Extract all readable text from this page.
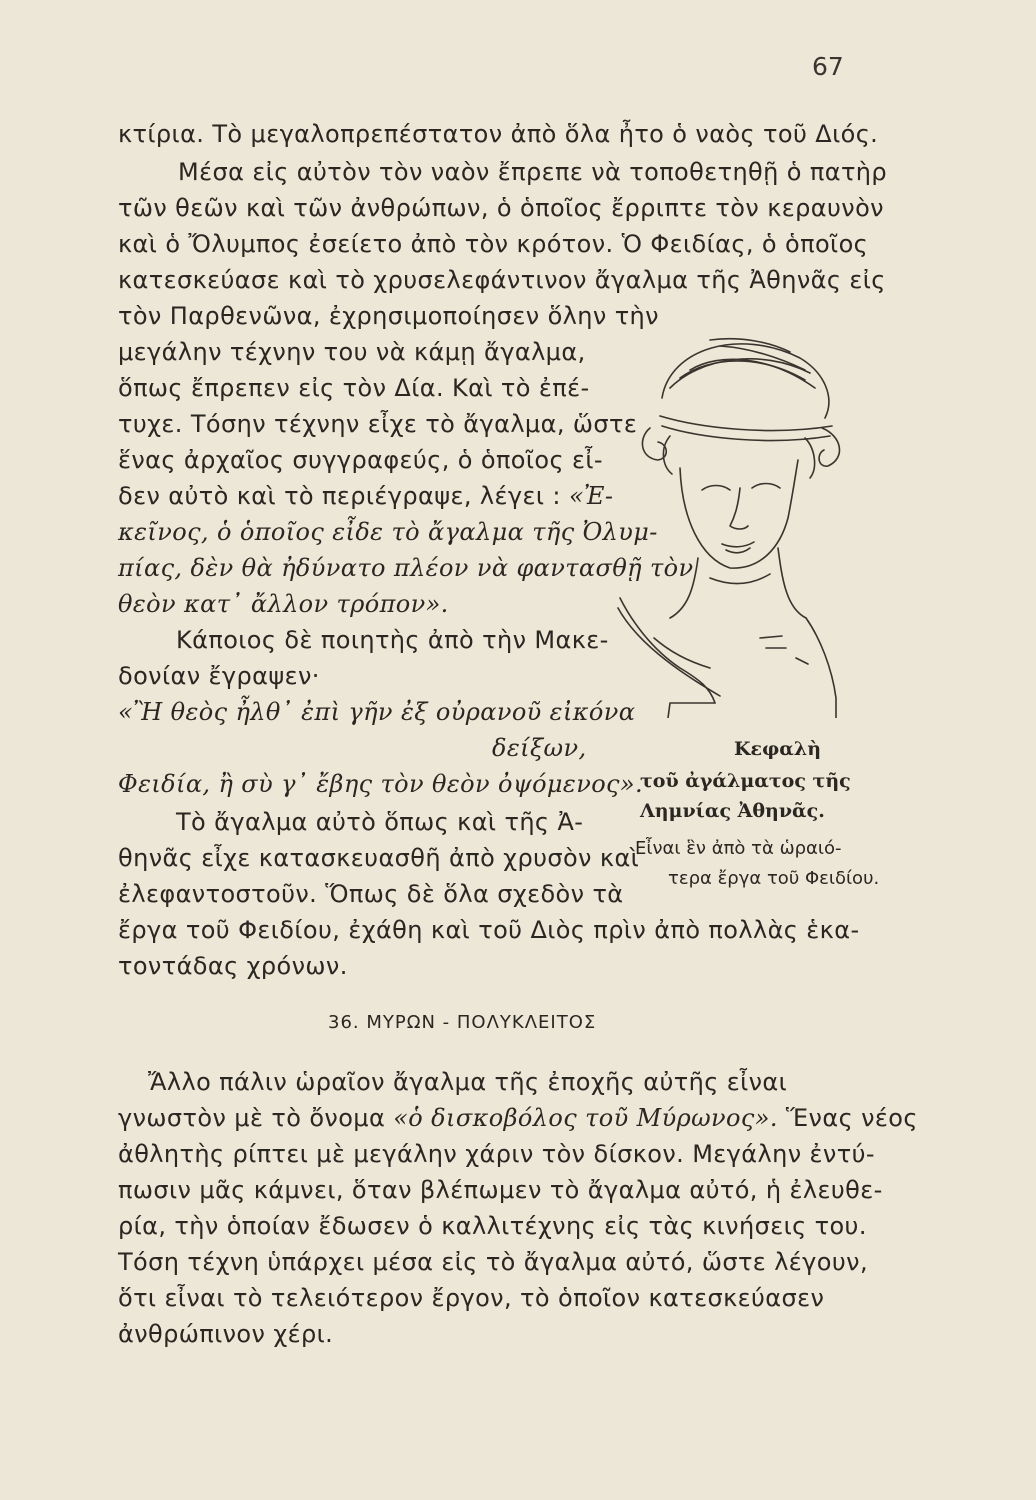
67
κτίρια. Τὸ μεγαλοπρεπέστατον ἀπὸ ὅλα ἦτο ὁ ναὸς τοῦ Διός.
Μέσα εἰς αὐτὸν τὸν ναὸν ἔπρεπε νὰ τοποθετηθῇ ὁ πατὴρ
τῶν θεῶν καὶ τῶν ἀνθρώπων, ὁ ὁποῖος ἔρριπτε τὸν κεραυνὸν
καὶ ὁ Ὄλυμπος ἐσείετο ἀπὸ τὸν κρότον. Ὁ Φειδίας, ὁ ὁποῖος
κατεσκεύασε καὶ τὸ χρυσελεφάντινον ἄγαλμα τῆς Ἀθηνᾶς εἰς
τὸν Παρθενῶνα, ἐχρησιμοποίησεν ὅλην τὴν
μεγάλην τέχνην του νὰ κάμῃ ἄγαλμα,
ὅπως ἔπρεπεν εἰς τὸν Δία. Καὶ τὸ ἐπέ-
τυχε. Τόσην τέχνην εἶχε τὸ ἄγαλμα, ὥστε
ἕνας ἀρχαῖος συγγραφεύς, ὁ ὁποῖος εἶ-
δεν αὐτὸ καὶ τὸ περιέγραψε, λέγει : «Ἐ-
κεῖνος, ὁ ὁποῖος εἶδε τὸ ἄγαλμα τῆς Ὀλυμ-
πίας, δὲν θὰ ἠδύνατο πλέον νὰ φαντασθῇ τὸν
θεὸν κατ᾿ ἄλλον τρόπον».
Κάποιος δὲ ποιητὴς ἀπὸ τὴν Μακε-
δονίαν ἔγραψεν·
«Ἢ θεὸς ἦλθ᾿ ἐπὶ γῆν ἐξ οὐρανοῦ εἰκόνα
δείξων,
Φειδία, ἢ σὺ γ᾿ ἔβης τὸν θεὸν ὀψόμενος».
Τὸ ἄγαλμα αὐτὸ ὅπως καὶ τῆς Ἀ-
θηνᾶς εἶχε κατασκευασθῆ ἀπὸ χρυσὸν καὶ
ἐλεφαντοστοῦν. Ὅπως δὲ ὅλα σχεδὸν τὰ
ἔργα τοῦ Φειδίου, ἐχάθη καὶ τοῦ Διὸς πρὶν ἀπὸ πολλὰς ἑκα-
τοντάδας χρόνων.
Κεφαλὴ
τοῦ ἀγάλματος τῆς
Λημνίας Ἀθηνᾶς.
Εἶναι ἓν ἀπὸ τὰ ὡραιό-
τερα ἔργα τοῦ Φειδίου.
36. ΜΥΡΩΝ - ΠΟΛΥΚΛΕΙΤΟΣ
Ἄλλο πάλιν ὡραῖον ἄγαλμα τῆς ἐποχῆς αὐτῆς εἶναι
γνωστὸν μὲ τὸ ὄνομα «ὁ δισκοβόλος τοῦ Μύρωνος». Ἕνας νέος
ἀθλητὴς ρίπτει μὲ μεγάλην χάριν τὸν δίσκον. Μεγάλην ἐντύ-
πωσιν μᾶς κάμνει, ὅταν βλέπωμεν τὸ ἄγαλμα αὐτό, ἡ ἐλευθε-
ρία, τὴν ὁποίαν ἔδωσεν ὁ καλλιτέχνης εἰς τὰς κινήσεις του.
Τόση τέχνη ὑπάρχει μέσα εἰς τὸ ἄγαλμα αὐτό, ὥστε λέγουν,
ὅτι εἶναι τὸ τελειότερον ἔργον, τὸ ὁποῖον κατεσκεύασεν
ἀνθρώπινον χέρι.
